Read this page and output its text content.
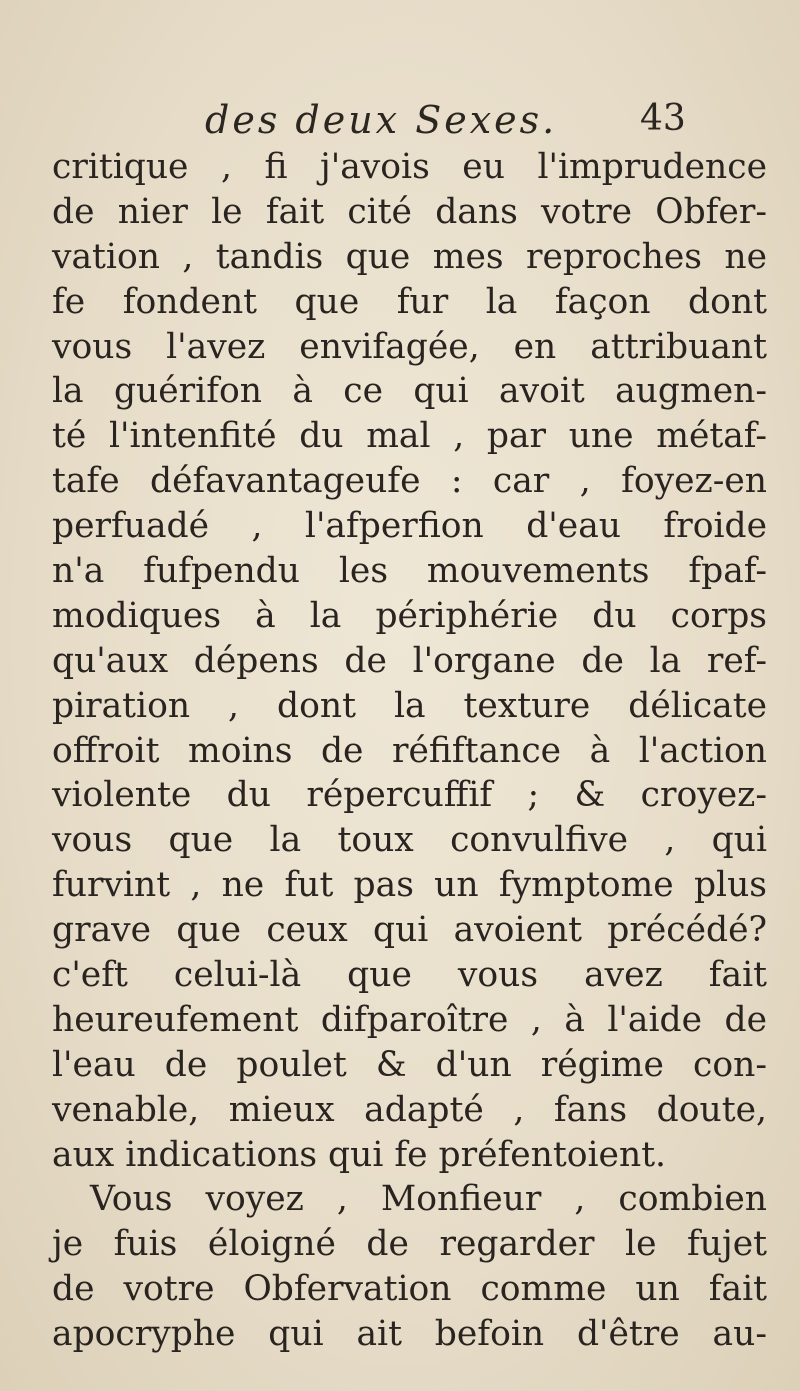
des deux Sexes. 43
critique , fi j'avois eu l'imprudence
de nier le fait cité dans votre Obfer-
vation , tandis que mes reproches ne
fe fondent que fur la façon dont
vous l'avez envifagée, en attribuant
la guérifon à ce qui avoit augmen-
té l'intenfité du mal , par une métaf-
tafe défavantageufe : car , foyez-en
perfuadé , l'afperfion d'eau froide
n'a fufpendu les mouvements fpaf-
modiques à la périphérie du corps
qu'aux dépens de l'organe de la ref-
piration , dont la texture délicate
offroit moins de réfiftance à l'action
violente du répercuffif ; & croyez-
vous que la toux convulfive , qui
furvint , ne fut pas un fymptome plus
grave que ceux qui avoient précédé?
c'eft celui-là que vous avez fait
heureufement difparoître , à l'aide de
l'eau de poulet & d'un régime con-
venable, mieux adapté , fans doute,
aux indications qui fe préfentoient.
Vous voyez , Monfieur , combien
je fuis éloigné de regarder le fujet
de votre Obfervation comme un fait
apocryphe qui ait befoin d'être au-
